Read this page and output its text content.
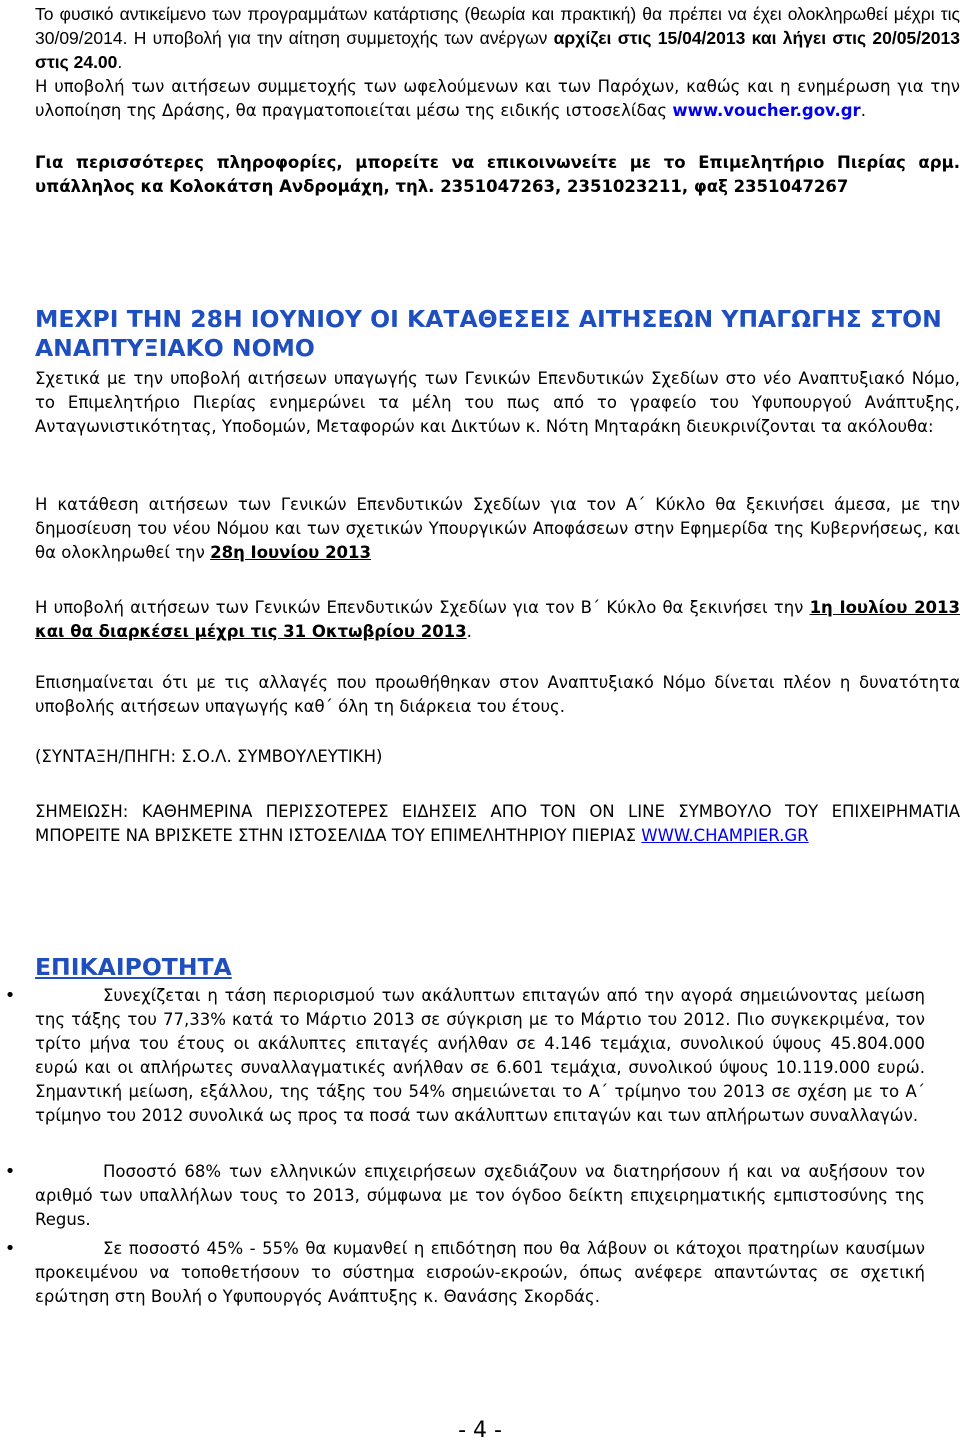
Το φυσικό αντικείμενο των προγραμμάτων κατάρτισης (θεωρία και πρακτική) θα πρέπει να έχει ολοκληρωθεί μέχρι τις 30/09/2014. Η υποβολή για την αίτηση συμμετοχής των ανέργων αρχίζει στις 15/04/2013 και λήγει στις 20/05/2013 στις 24.00.

Η υποβολή των αιτήσεων συμμετοχής των ωφελούμενων και των Παρόχων, καθώς και η ενημέρωση για την υλοποίηση της Δράσης, θα πραγματοποιείται μέσω της ειδικής ιστοσελίδας www.voucher.gov.gr.

Για περισσότερες πληροφορίες, μπορείτε να επικοινωνείτε με το Επιμελητήριο Πιερίας αρμ. υπάλληλος κα Κολοκάτση Ανδρομάχη, τηλ. 2351047263, 2351023211, φαξ 2351047267

ΜΕΧΡΙ ΤΗΝ 28Η ΙΟΥΝΙΟΥ ΟΙ ΚΑΤΑΘΕΣΕΙΣ ΑΙΤΗΣΕΩΝ ΥΠΑΓΩΓΗΣ ΣΤΟΝ ΑΝΑΠΤΥΞΙΑΚΟ ΝΟΜΟ

Σχετικά με την υποβολή αιτήσεων υπαγωγής των Γενικών Επενδυτικών Σχεδίων στο νέο Αναπτυξιακό Νόμο, το Επιμελητήριο Πιερίας ενημερώνει τα μέλη του πως από το γραφείο του Υφυπουργού Ανάπτυξης, Ανταγωνιστικότητας, Υποδομών, Μεταφορών και Δικτύων κ. Νότη Μηταράκη διευκρινίζονται τα ακόλουθα:

Η κατάθεση αιτήσεων των Γενικών Επενδυτικών Σχεδίων για τον Α΄ Κύκλο θα ξεκινήσει άμεσα, με την δημοσίευση του νέου Νόμου και των σχετικών Υπουργικών Αποφάσεων στην Εφημερίδα της Κυβερνήσεως, και θα ολοκληρωθεί την 28η Ιουνίου 2013

Η υποβολή αιτήσεων των Γενικών Επενδυτικών Σχεδίων για τον Β΄ Κύκλο θα ξεκινήσει την 1η Ιουλίου 2013 και θα διαρκέσει μέχρι τις 31 Οκτωβρίου 2013.

Επισημαίνεται ότι με τις αλλαγές που προωθήθηκαν στον Αναπτυξιακό Νόμο δίνεται πλέον η δυνατότητα υποβολής αιτήσεων υπαγωγής καθ΄ όλη τη διάρκεια του έτους.

(ΣΥΝΤΑΞΗ/ΠΗΓΗ: Σ.Ο.Λ. ΣΥΜΒΟΥΛΕΥΤΙΚΗ)

ΣΗΜΕΙΩΣΗ: ΚΑΘΗΜΕΡΙΝΑ ΠΕΡΙΣΣΟΤΕΡΕΣ ΕΙΔΗΣΕΙΣ ΑΠΟ ΤΟΝ ΟΝ LINE ΣΥΜΒΟΥΛΟ ΤΟΥ ΕΠΙΧΕΙΡΗΜΑΤΙΑ ΜΠΟΡΕΙΤΕ ΝΑ ΒΡΙΣΚΕΤΕ ΣΤΗΝ ΙΣΤΟΣΕΛΙΔΑ ΤΟΥ ΕΠΙΜΕΛΗΤΗΡΙΟΥ ΠΙΕΡΙΑΣ WWW.CHAMPIER.GR

ΕΠΙΚΑΙΡΟΤΗΤΑ

•	Συνεχίζεται η τάση περιορισμού των ακάλυπτων επιταγών από την αγορά σημειώνοντας μείωση της τάξης του 77,33% κατά το Μάρτιο 2013 σε σύγκριση με το Μάρτιο του 2012. Πιο συγκεκριμένα, τον τρίτο μήνα του έτους οι ακάλυπτες επιταγές ανήλθαν σε 4.146 τεμάχια, συνολικού ύψους 45.804.000 ευρώ και οι απλήρωτες συναλλαγματικές ανήλθαν σε 6.601 τεμάχια, συνολικού ύψους 10.119.000 ευρώ. Σημαντική μείωση, εξάλλου, της τάξης του 54% σημειώνεται το Α΄ τρίμηνο του 2013 σε σχέση με το Α΄ τρίμηνο του 2012 συνολικά ως προς τα ποσά των ακάλυπτων επιταγών και των απλήρωτων συναλλαγών.

•	Ποσοστό 68% των ελληνικών επιχειρήσεων σχεδιάζουν να διατηρήσουν ή και να αυξήσουν τον αριθμό των υπαλλήλων τους το 2013, σύμφωνα με τον όγδοο δείκτη επιχειρηματικής εμπιστοσύνης της Regus.

•	Σε ποσοστό 45% - 55% θα κυμανθεί η επιδότηση που θα λάβουν οι κάτοχοι πρατηρίων καυσίμων προκειμένου να τοποθετήσουν το σύστημα εισροών-εκροών, όπως ανέφερε απαντώντας σε σχετική ερώτηση στη Βουλή ο Υφυπουργός Ανάπτυξης κ. Θανάσης Σκορδάς.

- 4 -
